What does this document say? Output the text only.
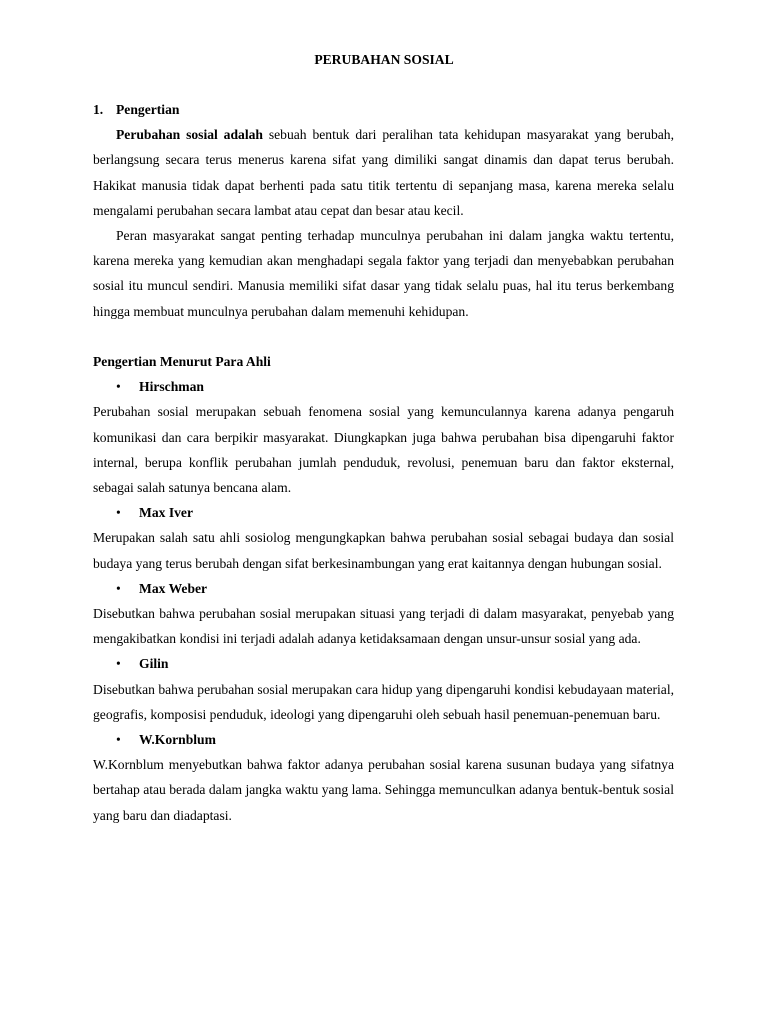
PERUBAHAN SOSIAL

1. Pengertian

Perubahan sosial adalah sebuah bentuk dari peralihan tata kehidupan masyarakat yang berubah, berlangsung secara terus menerus karena sifat yang dimiliki sangat dinamis dan dapat terus berubah. Hakikat manusia tidak dapat berhenti pada satu titik tertentu di sepanjang masa, karena mereka selalu mengalami perubahan secara lambat atau cepat dan besar atau kecil.

Peran masyarakat sangat penting terhadap munculnya perubahan ini dalam jangka waktu tertentu, karena mereka yang kemudian akan menghadapi segala faktor yang terjadi dan menyebabkan perubahan sosial itu muncul sendiri. Manusia memiliki sifat dasar yang tidak selalu puas, hal itu terus berkembang hingga membuat munculnya perubahan dalam memenuhi kehidupan.

Pengertian Menurut Para Ahli

• Hirschman

Perubahan sosial merupakan sebuah fenomena sosial yang kemunculannya karena adanya pengaruh komunikasi dan cara berpikir masyarakat. Diungkapkan juga bahwa perubahan bisa dipengaruhi faktor internal, berupa konflik perubahan jumlah penduduk, revolusi, penemuan baru dan faktor eksternal, sebagai salah satunya bencana alam.

• Max Iver

Merupakan salah satu ahli sosiolog mengungkapkan bahwa perubahan sosial sebagai budaya dan sosial budaya yang terus berubah dengan sifat berkesinambungan yang erat kaitannya dengan hubungan sosial.

• Max Weber

Disebutkan bahwa perubahan sosial merupakan situasi yang terjadi di dalam masyarakat, penyebab yang mengakibatkan kondisi ini terjadi adalah adanya ketidaksamaan dengan unsur-unsur sosial yang ada.

• Gilin

Disebutkan bahwa perubahan sosial merupakan cara hidup yang dipengaruhi kondisi kebudayaan material, geografis, komposisi penduduk, ideologi yang dipengaruhi oleh sebuah hasil penemuan-penemuan baru.

• W.Kornblum

W.Kornblum menyebutkan bahwa faktor adanya perubahan sosial karena susunan budaya yang sifatnya bertahap atau berada dalam jangka waktu yang lama. Sehingga memunculkan adanya bentuk-bentuk sosial yang baru dan diadaptasi.
